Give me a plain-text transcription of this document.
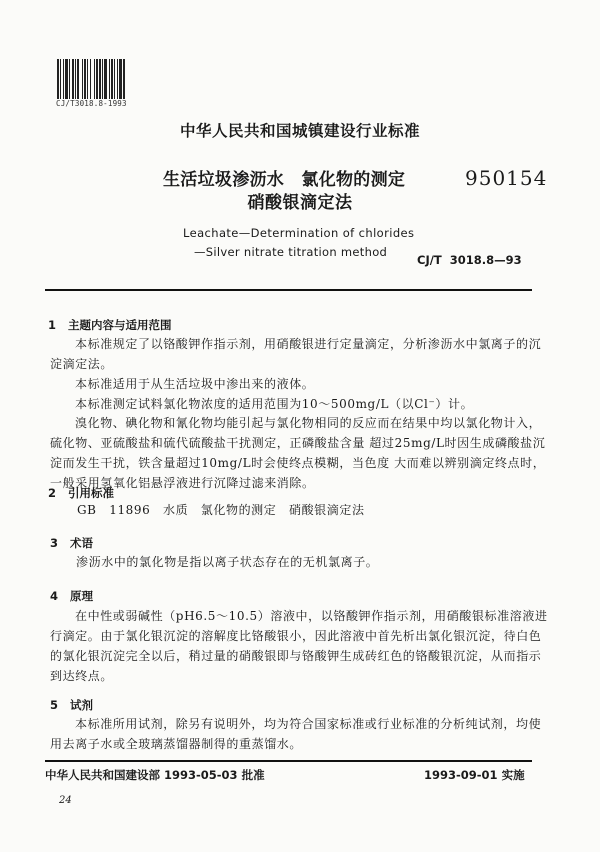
CJ/T3018.8-1993
中华人民共和国城镇建设行业标准
生活垃圾渗沥水　氯化物的测定
硝酸银滴定法
950154
Leachate—Determination of chlorides
—Silver nitrate titration method
CJ/T  3018.8—93
1 主题内容与适用范围
本标准规定了以铬酸钾作指示剂，用硝酸银进行定量滴定，分析渗沥水中氯离子的沉淀滴定法。
本标准适用于从生活垃圾中渗出来的液体。
本标准测定试料氯化物浓度的适用范围为10～500mg/L（以Cl⁻）计。
溴化物、碘化物和氰化物均能引起与氯化物相同的反应而在结果中均以氯化物计入，硫化物、亚硫酸盐和硫代硫酸盐干扰测定，正磷酸盐含量 超过25mg/L时因生成磷酸盐沉淀而发生干扰，铁含量超过10mg/L时会使终点模糊，当色度 大而难以辨别滴定终点时，一般采用氢氧化铝悬浮液进行沉降过滤来消除。
2 引用标准
GB　11896　水质　氯化物的测定　硝酸银滴定法
3 术语
渗沥水中的氯化物是指以离子状态存在的无机氯离子。
4 原理
在中性或弱碱性（pH6.5～10.5）溶液中，以铬酸钾作指示剂，用硝酸银标准溶液进行滴定。由于氯化银沉淀的溶解度比铬酸银小，因此溶液中首先析出氯化银沉淀，待白色的氯化银沉淀完全以后，稍过量的硝酸银即与铬酸钾生成砖红色的铬酸银沉淀，从而指示到达终点。
5 试剂
本标准所用试剂，除另有说明外，均为符合国家标准或行业标准的分析纯试剂，均使用去离子水或全玻璃蒸馏器制得的重蒸馏水。
中华人民共和国建设部 1993-05-03 批准	1993-09-01 实施
24
